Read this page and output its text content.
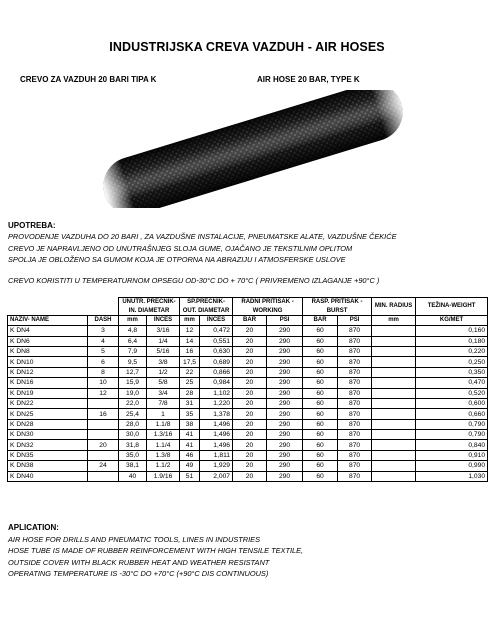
INDUSTRIJSKA CREVA VAZDUH - AIR HOSES
CREVO ZA VAZDUH 20 BARI TIPA K	AIR HOSE 20 BAR, TYPE K
UPOTREBA:
PROVODENJE VAZDUHA DO 20 BARI , ZA VAZDUŠNE INSTALACIJE, PNEUMATSKE ALATE, VAZDUŠNE ČEKIĆE
CREVO JE NAPRAVLJENO OD UNUTRAŠNJEG SLOJA GUME, OJAČANO JE TEKSTILNIM OPLITOM
SPOLJA JE OBLOŽENO SA GUMOM KOJA JE OTPORNA NA ABRAZIJU I ATMOSFERSKE USLOVE
CREVO KORISTITI U TEMPERATURNOM OPSEGU OD-30°C DO + 70°C ( PRIVREMENO IZLAGANJE +90°C )
		UNUTR. PRECNIK-IN. DIAMETAR		SP.PRECNIK-OUT. DIAMETAR		RADNI PRITISAK - WORKING		RASP. PRITISAK - BURST		MIN. RADIUS	TEŽINA-WEIGHT
NAZIV- NAME	DASH	mm	INCES	mm	INCES	BAR	PSI	BAR	PSI	mm	KG/MET
K DN4	3	4,8	3/16	12	0,472	20	290	60	870		0,160
K DN6	4	6,4	1/4	14	0,551	20	290	60	870		0,180
K DN8	5	7,9	5/16	16	0,630	20	290	60	870		0,220
K DN10	6	9,5	3/8	17,5	0,689	20	290	60	870		0,250
K DN12	8	12,7	1/2	22	0,866	20	290	60	870		0,350
K DN16	10	15,9	5/8	25	0,984	20	290	60	870		0,470
K DN19	12	19,0	3/4	28	1,102	20	290	60	870		0,520
K DN22		22,0	7/8	31	1,220	20	290	60	870		0,600
K DN25	16	25,4	1	35	1,378	20	290	60	870		0,660
K DN28		28,0	1.1/8	38	1,496	20	290	60	870		0,790
K DN30		30,0	1.3/16	41	1,496	20	290	60	870		0,790
K DN32	20	31,8	1.1/4	41	1,496	20	290	60	870		0,840
K DN35		35,0	1.3/8	46	1,811	20	290	60	870		0,910
K DN38	24	38,1	1.1/2	49	1,929	20	290	60	870		0,990
K DN40		40	1.9/16	51	2,007	20	290	60	870		1,030
APLICATION:
AIR HOSE FOR DRILLS AND PNEUMATIC TOOLS, LINES IN INDUSTRIES
HOSE TUBE IS MADE OF RUBBER REINFORCEMENT WITH HIGH TENSILE TEXTILE,
OUTSIDE COVER WITH BLACK RUBBER HEAT AND WEATHER RESISTANT
OPERATING TEMPERATURE IS -30°C DO +70°C (+90°C DIS CONTINUOUS)
